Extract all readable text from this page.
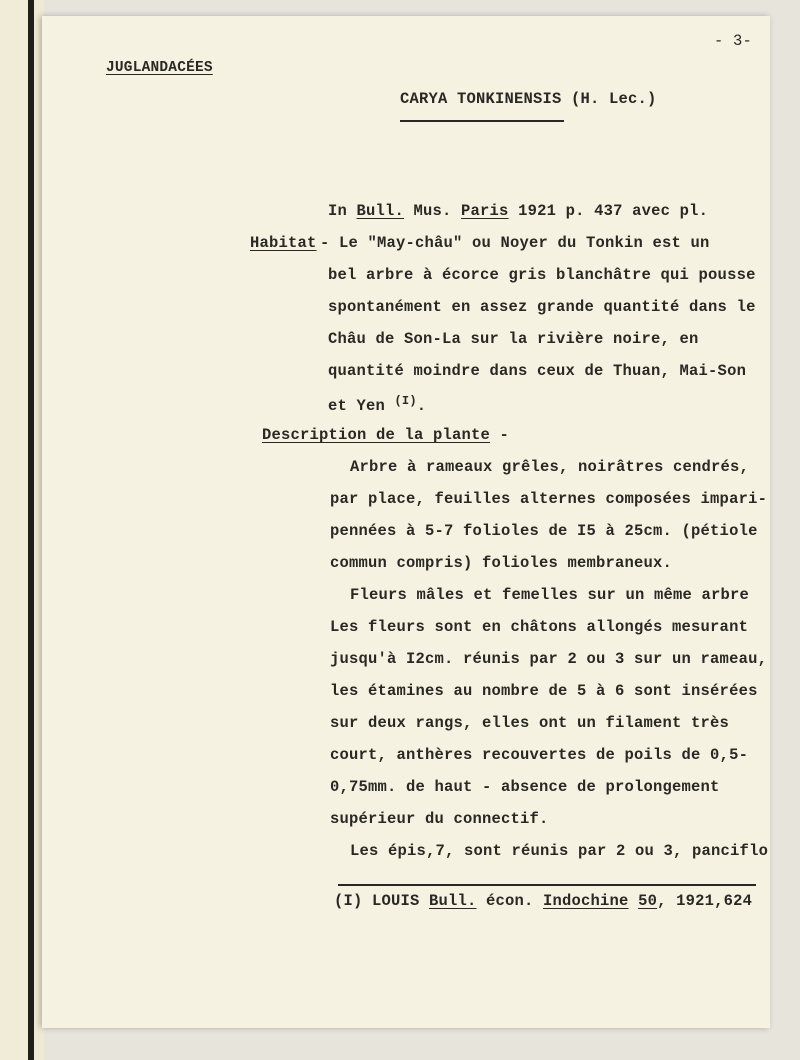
- 3-
JUGLANDACÉES
CARYA TONKINENSIS (H. Lec.)
In Bull. Mus. Paris 1921 p. 437 avec pl.
Habitat - Le "May-châu" ou Noyer du Tonkin est un
bel arbre à écorce gris blanchâtre qui pousse
spontanément en assez grande quantité dans le
Châu de Son-La sur la rivière noire, en
quantité moindre dans ceux de Thuan, Mai-Son
et Yen $^{(I)}$.
Description de la plante -
Arbre à rameaux grêles, noirâtres cendrés,
par place, feuilles alternes composées impari-
pennées à 5-7 folioles de I5 à 25cm. (pétiole
commun compris) folioles membraneux.
Fleurs mâles et femelles sur un même arbre
Les fleurs sont en châtons allongés mesurant
jusqu'à I2cm. réunis par 2 ou 3 sur un rameau,
les étamines au nombre de 5 à 6 sont insérées
sur deux rangs, elles ont un filament très
court, anthères recouvertes de poils de 0,5-
0,75mm. de haut - absence de prolongement
supérieur du connectif.
Les épis,7, sont réunis par 2 ou 3, panciflo
(I) LOUIS Bull. écon. Indochine 50, 1921,624
